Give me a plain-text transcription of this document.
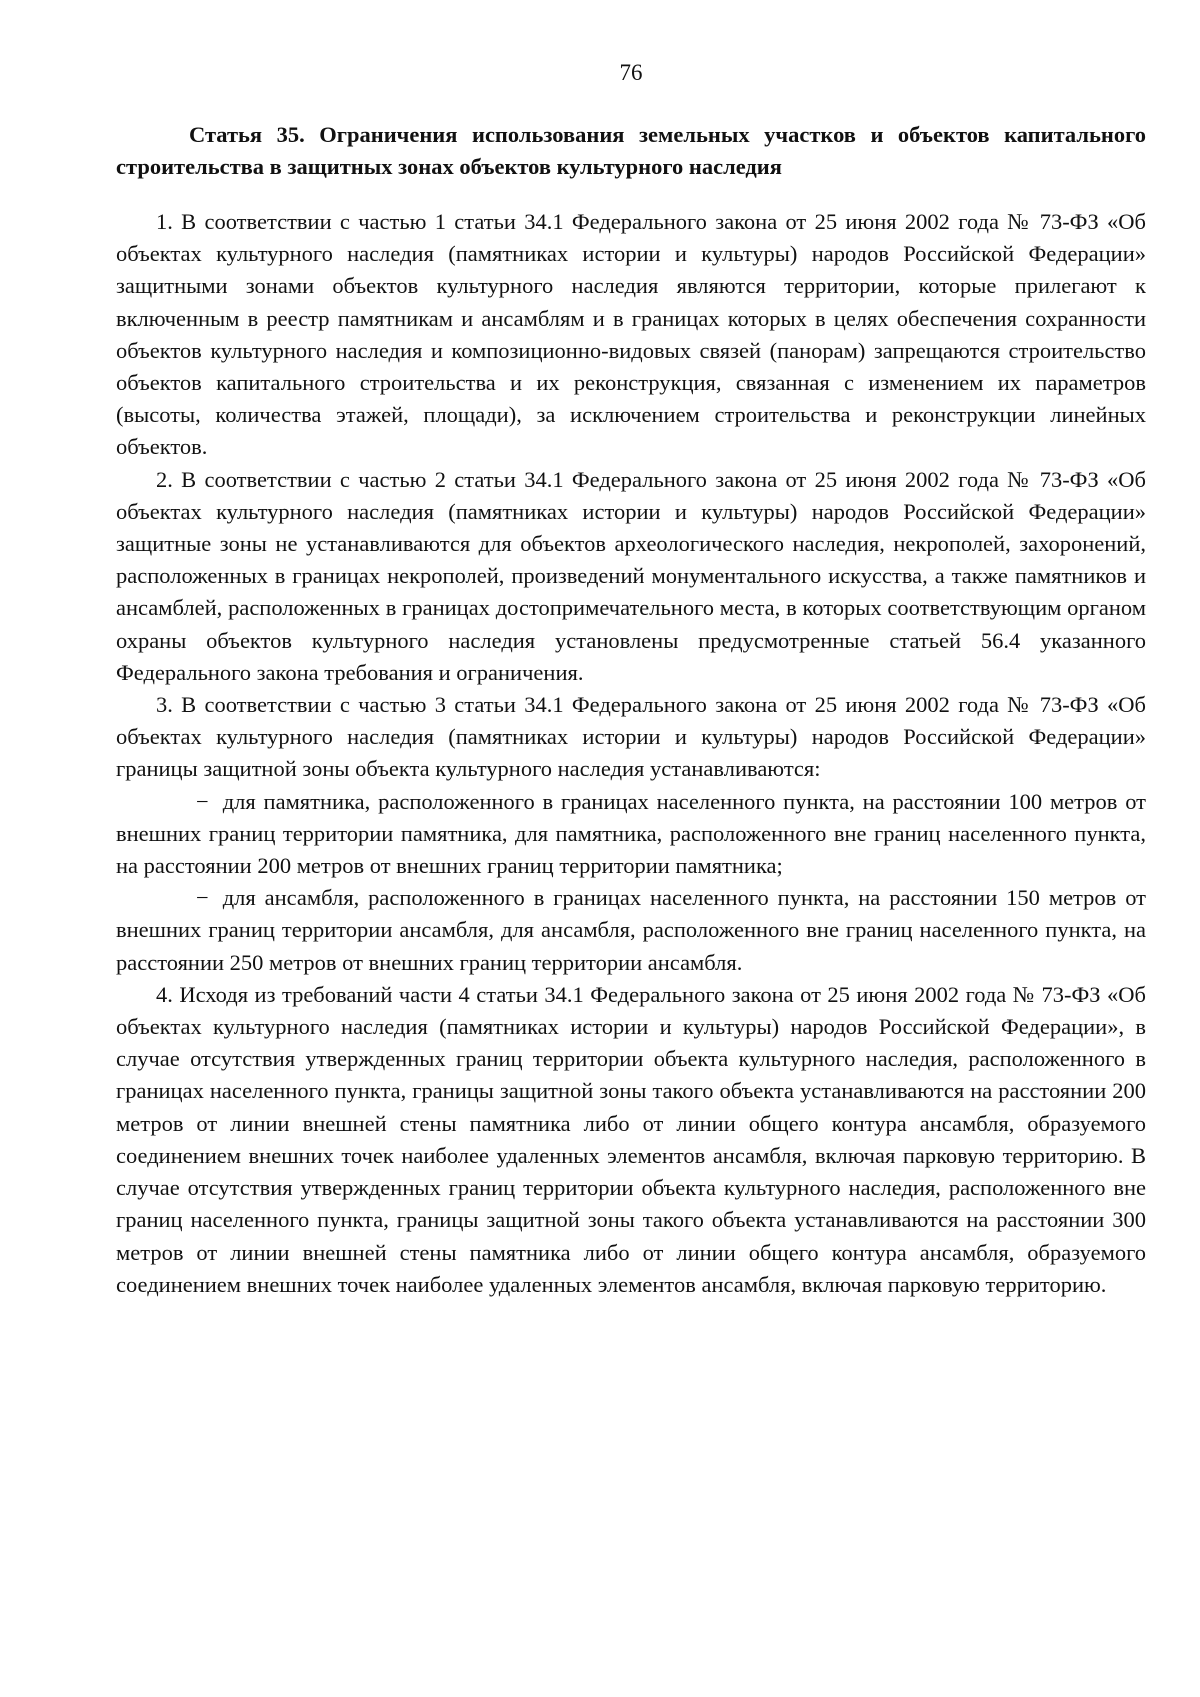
76
Статья 35. Ограничения использования земельных участков и объектов капитального строительства в защитных зонах объектов культурного наследия

1. В соответствии с частью 1 статьи 34.1 Федерального закона от 25 июня 2002 года № 73-ФЗ «Об объектах культурного наследия (памятниках истории и культуры) народов Российской Федерации» защитными зонами объектов культурного наследия являются территории, которые прилегают к включенным в реестр памятникам и ансамблям и в границах которых в целях обеспечения сохранности объектов культурного наследия и композиционно-видовых связей (панорам) запрещаются строительство объектов капитального строительства и их реконструкция, связанная с изменением их параметров (высоты, количества этажей, площади), за исключением строительства и реконструкции линейных объектов.

2. В соответствии с частью 2 статьи 34.1 Федерального закона от 25 июня 2002 года № 73-ФЗ «Об объектах культурного наследия (памятниках истории и культуры) народов Российской Федерации» защитные зоны не устанавливаются для объектов археологического наследия, некрополей, захоронений, расположенных в границах некрополей, произведений монументального искусства, а также памятников и ансамблей, расположенных в границах достопримечательного места, в которых соответствующим органом охраны объектов культурного наследия установлены предусмотренные статьей 56.4 указанного Федерального закона требования и ограничения.

3. В соответствии с частью 3 статьи 34.1 Федерального закона от 25 июня 2002 года № 73-ФЗ «Об объектах культурного наследия (памятниках истории и культуры) народов Российской Федерации» границы защитной зоны объекта культурного наследия устанавливаются:

− для памятника, расположенного в границах населенного пункта, на расстоянии 100 метров от внешних границ территории памятника, для памятника, расположенного вне границ населенного пункта, на расстоянии 200 метров от внешних границ территории памятника;

− для ансамбля, расположенного в границах населенного пункта, на расстоянии 150 метров от внешних границ территории ансамбля, для ансамбля, расположенного вне границ населенного пункта, на расстоянии 250 метров от внешних границ территории ансамбля.

4. Исходя из требований части 4 статьи 34.1 Федерального закона от 25 июня 2002 года № 73-ФЗ «Об объектах культурного наследия (памятниках истории и культуры) народов Российской Федерации», в случае отсутствия утвержденных границ территории объекта культурного наследия, расположенного в границах населенного пункта, границы защитной зоны такого объекта устанавливаются на расстоянии 200 метров от линии внешней стены памятника либо от линии общего контура ансамбля, образуемого соединением внешних точек наиболее удаленных элементов ансамбля, включая парковую территорию. В случае отсутствия утвержденных границ территории объекта культурного наследия, расположенного вне границ населенного пункта, границы защитной зоны такого объекта устанавливаются на расстоянии 300 метров от линии внешней стены памятника либо от линии общего контура ансамбля, образуемого соединением внешних точек наиболее удаленных элементов ансамбля, включая парковую территорию.
